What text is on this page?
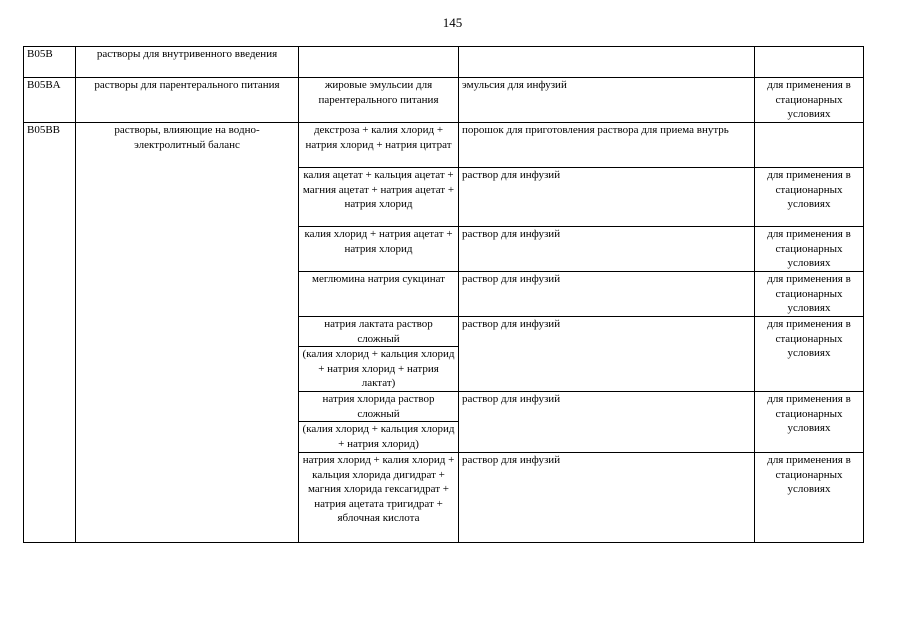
145
B05B	растворы для внутривенного введения			
B05BA	растворы для парентерального питания	жировые эмульсии для парентерального питания	эмульсия для инфузий	для применения в стационарных условиях
B05BB	растворы, влияющие на водно-электролитный баланс	декстроза + калия хлорид + натрия хлорид + натрия цитрат	порошок для приготовления раствора для приема внутрь	
		калия ацетат + кальция ацетат + магния ацетат + натрия ацетат + натрия хлорид	раствор для инфузий	для применения в стационарных условиях
		калия хлорид + натрия ацетат + натрия хлорид	раствор для инфузий	для применения в стационарных условиях
		меглюмина натрия сукцинат	раствор для инфузий	для применения в стационарных условиях
		натрия лактата раствор сложный	раствор для инфузий	для применения в стационарных условиях
		(калия хлорид + кальция хлорид + натрия хлорид + натрия лактат)		
		натрия хлорида раствор сложный	раствор для инфузий	для применения в стационарных условиях
		(калия хлорид + кальция хлорид + натрия хлорид)		
		натрия хлорид + калия хлорид + кальция хлорида дигидрат + магния хлорида гексагидрат + натрия ацетата тригидрат + яблочная кислота	раствор для инфузий	для применения в стационарных условиях
